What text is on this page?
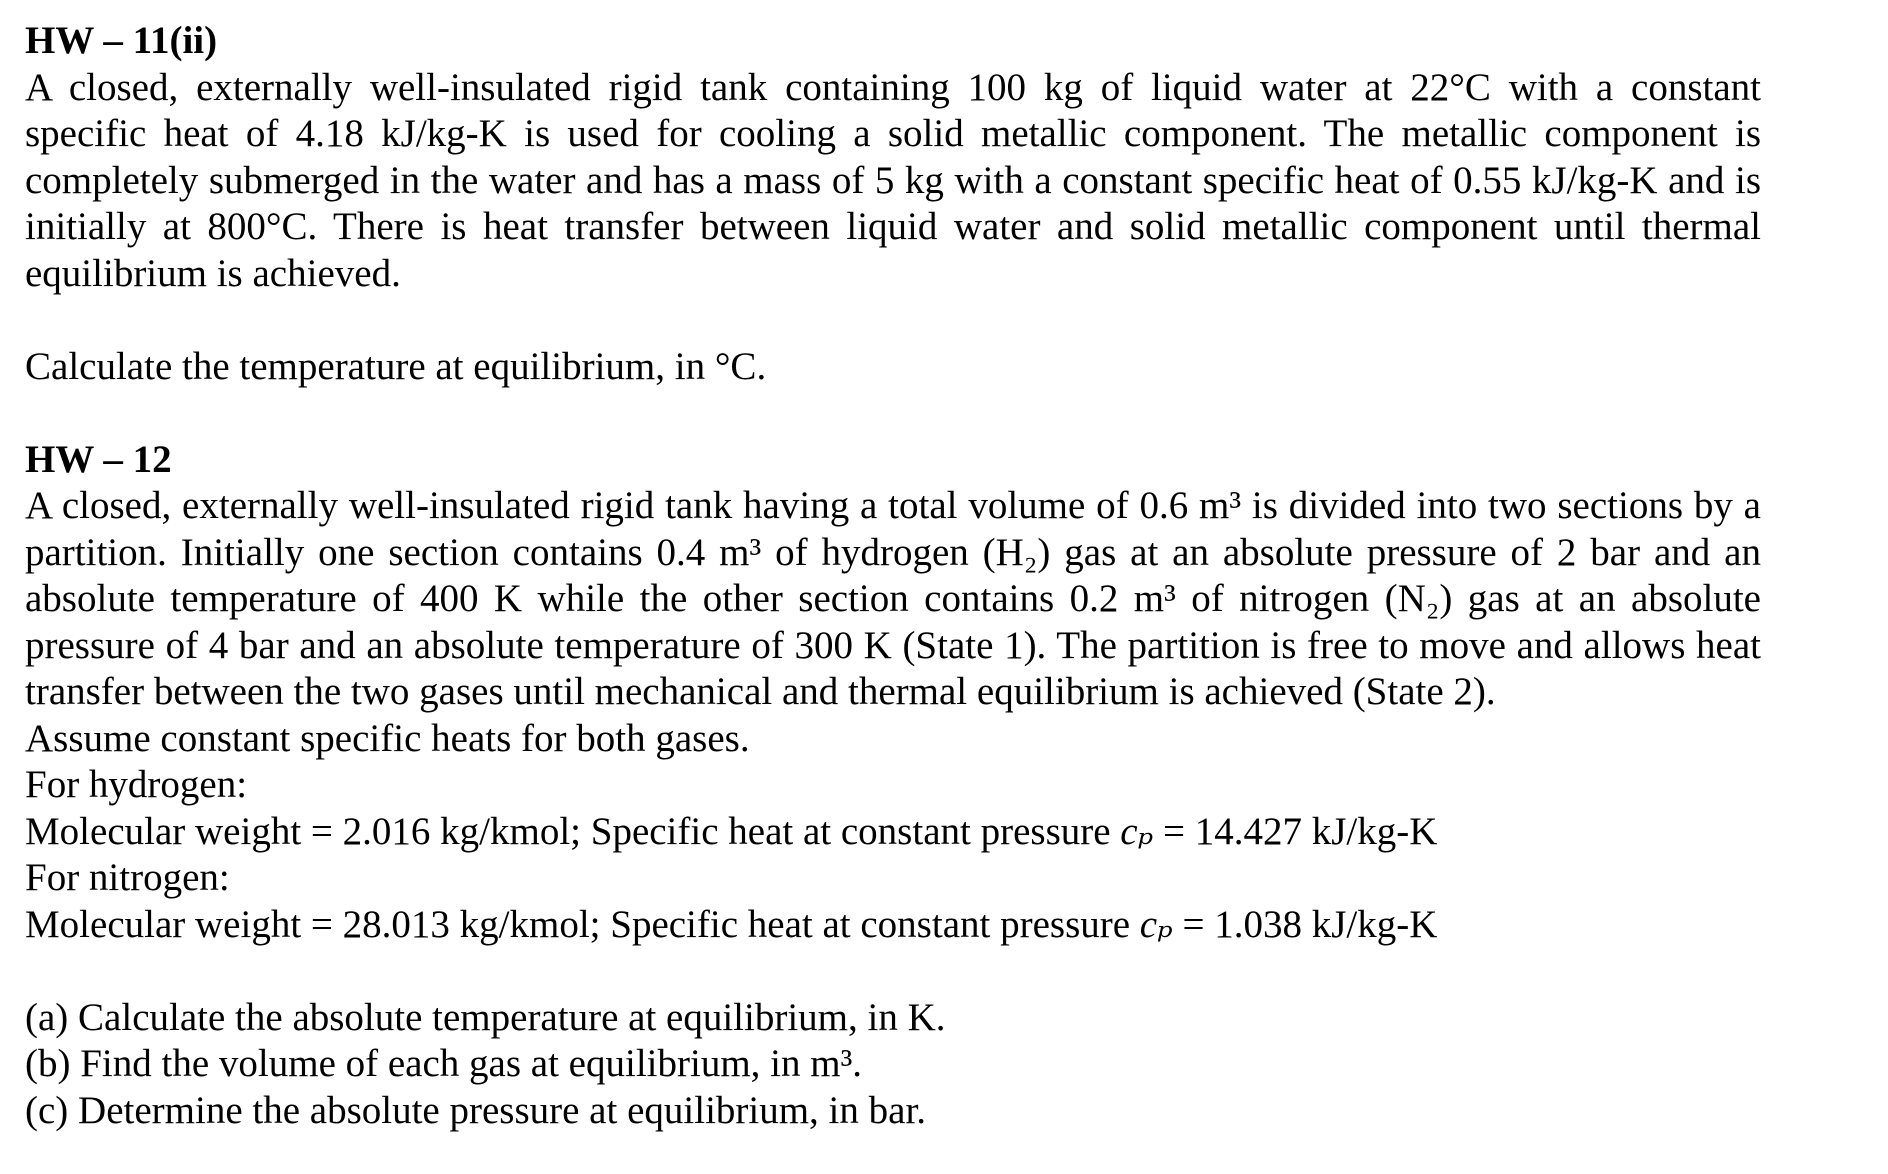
HW – 11(ii)

A closed, externally well-insulated rigid tank containing 100 kg of liquid water at 22°C with a constant specific heat of 4.18 kJ/kg-K is used for cooling a solid metallic component. The metallic component is completely submerged in the water and has a mass of 5 kg with a constant specific heat of 0.55 kJ/kg-K and is initially at 800°C. There is heat transfer between liquid water and solid metallic component until thermal equilibrium is achieved.

Calculate the temperature at equilibrium, in °C.

HW – 12

A closed, externally well-insulated rigid tank having a total volume of 0.6 m³ is divided into two sections by a partition. Initially one section contains 0.4 m³ of hydrogen (H₂) gas at an absolute pressure of 2 bar and an absolute temperature of 400 K while the other section contains 0.2 m³ of nitrogen (N₂) gas at an absolute pressure of 4 bar and an absolute temperature of 300 K (State 1). The partition is free to move and allows heat transfer between the two gases until mechanical and thermal equilibrium is achieved (State 2).

Assume constant specific heats for both gases.

For hydrogen:

Molecular weight = 2.016 kg/kmol; Specific heat at constant pressure cₚ = 14.427 kJ/kg-K

For nitrogen:

Molecular weight = 28.013 kg/kmol; Specific heat at constant pressure cₚ = 1.038 kJ/kg-K

(a) Calculate the absolute temperature at equilibrium, in K.

(b) Find the volume of each gas at equilibrium, in m³.

(c) Determine the absolute pressure at equilibrium, in bar.
